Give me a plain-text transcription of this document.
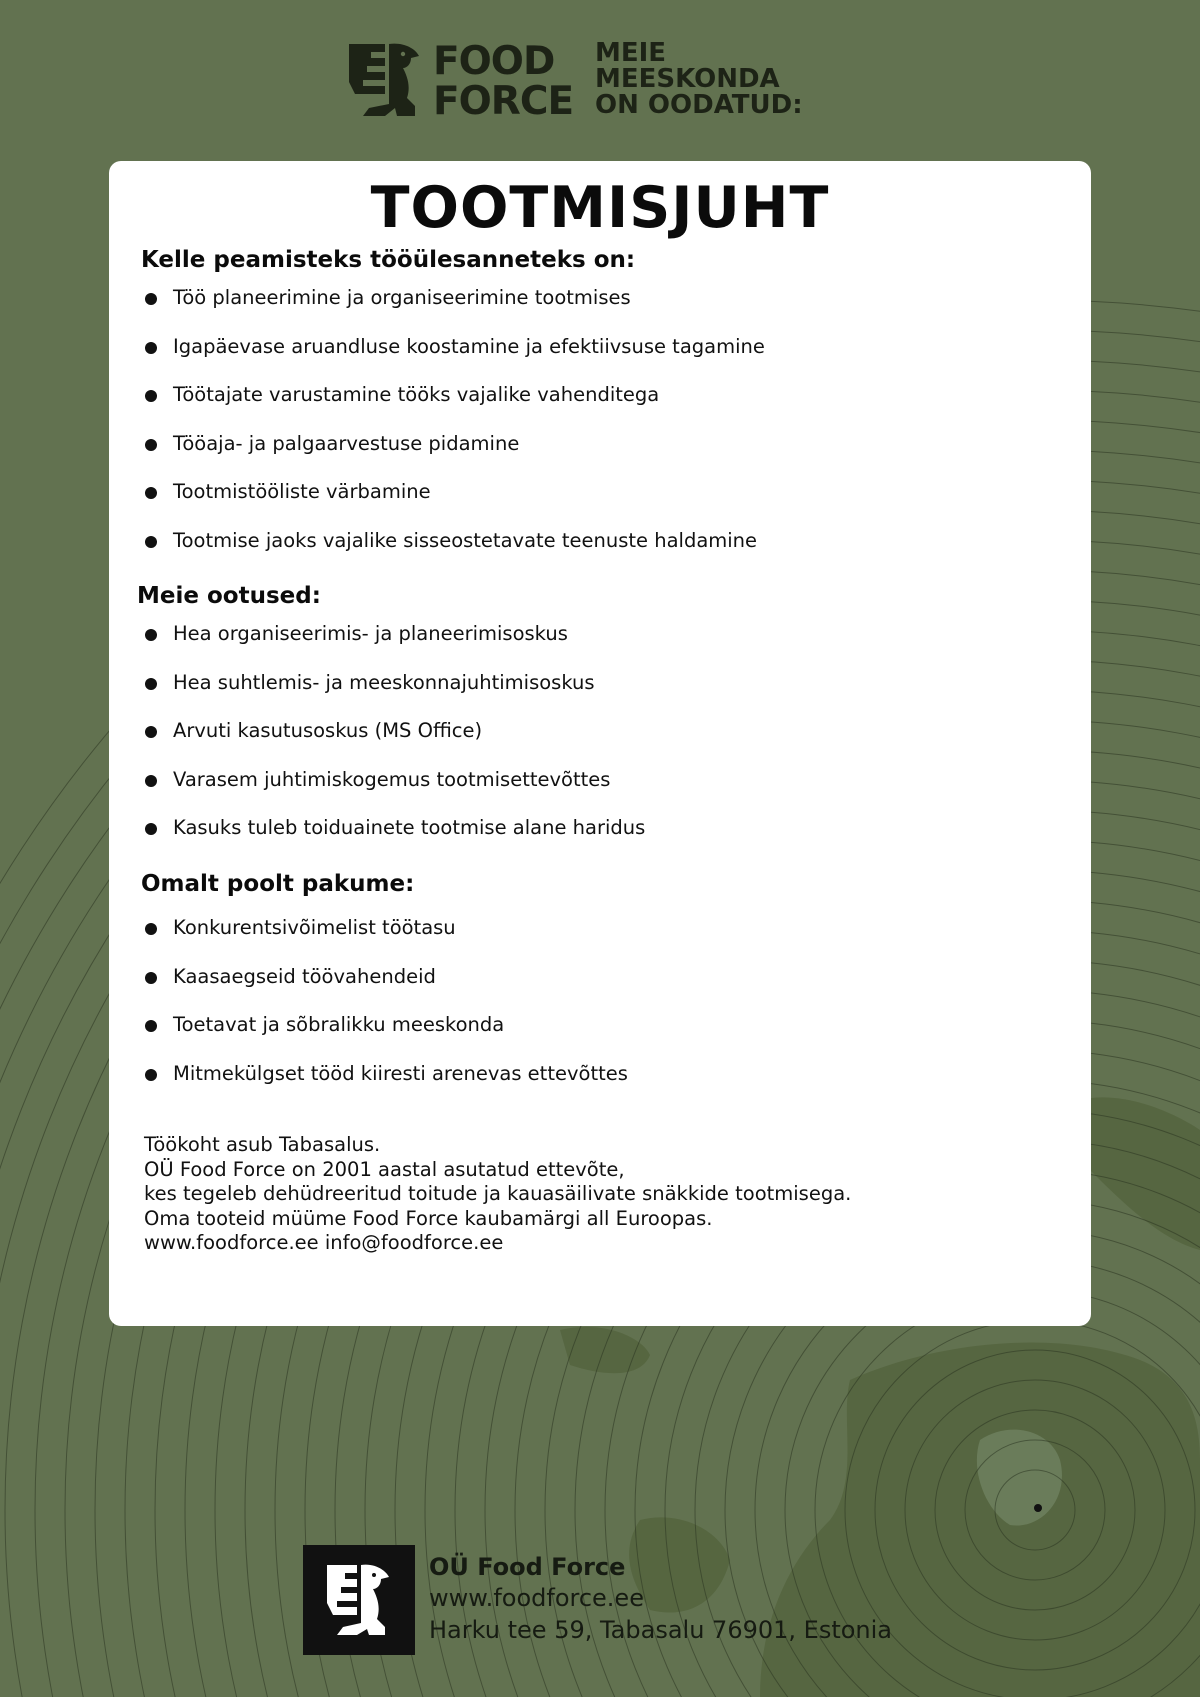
FOOD
FORCE
MEIE
MEESKONDA
ON OODATUD:
TOOTMISJUHT
Kelle peamisteks tööülesanneteks on:
Töö planeerimine ja organiseerimine tootmises
Igapäevase aruandluse koostamine ja efektiivsuse tagamine
Töötajate varustamine tööks vajalike vahenditega
Tööaja- ja palgaarvestuse pidamine
Tootmistööliste värbamine
Tootmise jaoks vajalike sisseostetavate teenuste haldamine
Meie ootused:
Hea organiseerimis- ja planeerimisoskus
Hea suhtlemis- ja meeskonnajuhtimisoskus
Arvuti kasutusoskus (MS Office)
Varasem juhtimiskogemus tootmisettevõttes
Kasuks tuleb toiduainete tootmise alane haridus
Omalt poolt pakume:
Konkurentsivõimelist töötasu
Kaasaegseid töövahendeid
Toetavat ja sõbralikku meeskonda
Mitmekülgset tööd kiiresti arenevas ettevõttes
Töökoht asub Tabasalus.
OÜ Food Force on 2001 aastal asutatud ettevõte,
kes tegeleb dehüdreeritud toitude ja kauasäilivate snäkkide tootmisega.
Oma tooteid müüme Food Force kaubamärgi all Euroopas.
www.foodforce.ee info@foodforce.ee
OÜ Food Force
www.foodforce.ee
Harku tee 59, Tabasalu 76901, Estonia
